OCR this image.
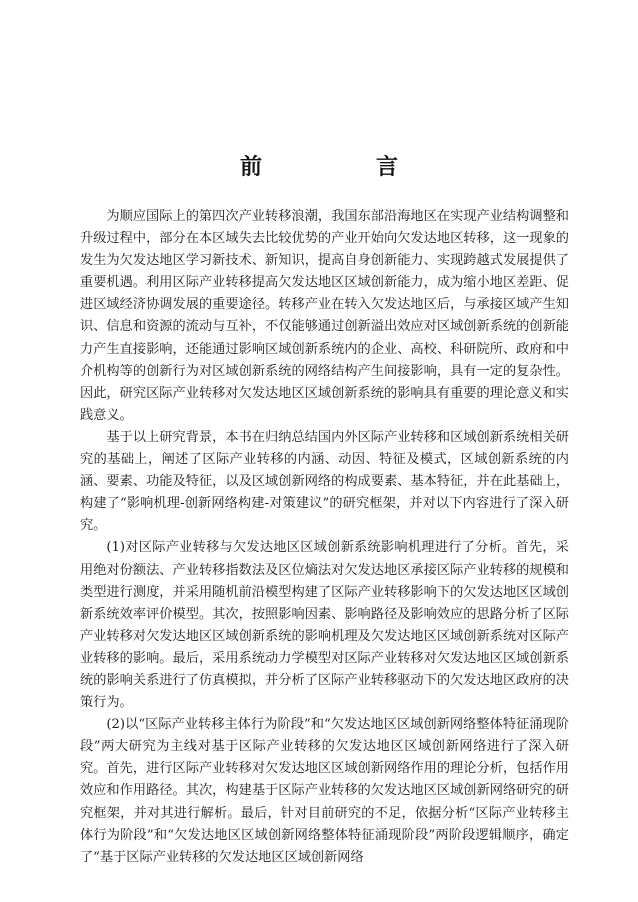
前　言

为顺应国际上的第四次产业转移浪潮，我国东部沿海地区在实现产业结构调整和升级过程中，部分在本区域失去比较优势的产业开始向欠发达地区转移，这一现象的发生为欠发达地区学习新技术、新知识，提高自身创新能力、实现跨越式发展提供了重要机遇。利用区际产业转移提高欠发达地区区域创新能力，成为缩小地区差距、促进区域经济协调发展的重要途径。转移产业在转入欠发达地区后，与承接区域产生知识、信息和资源的流动与互补，不仅能够通过创新溢出效应对区域创新系统的创新能力产生直接影响，还能通过影响区域创新系统内的企业、高校、科研院所、政府和中介机构等的创新行为对区域创新系统的网络结构产生间接影响，具有一定的复杂性。因此，研究区际产业转移对欠发达地区区域创新系统的影响具有重要的理论意义和实践意义。

基于以上研究背景，本书在归纳总结国内外区际产业转移和区域创新系统相关研究的基础上，阐述了区际产业转移的内涵、动因、特征及模式，区域创新系统的内涵、要素、功能及特征，以及区域创新网络的构成要素、基本特征，并在此基础上，构建了“影响机理-创新网络构建-对策建议”的研究框架，并对以下内容进行了深入研究。

(1)对区际产业转移与欠发达地区区域创新系统影响机理进行了分析。首先，采用绝对份额法、产业转移指数法及区位熵法对欠发达地区承接区际产业转移的规模和类型进行测度，并采用随机前沿模型构建了区际产业转移影响下的欠发达地区区域创新系统效率评价模型。其次，按照影响因素、影响路径及影响效应的思路分析了区际产业转移对欠发达地区区域创新系统的影响机理及欠发达地区区域创新系统对区际产业转移的影响。最后，采用系统动力学模型对区际产业转移对欠发达地区区域创新系统的影响关系进行了仿真模拟，并分析了区际产业转移驱动下的欠发达地区政府的决策行为。

(2)以“区际产业转移主体行为阶段”和“欠发达地区区域创新网络整体特征涌现阶段”两大研究为主线对基于区际产业转移的欠发达地区区域创新网络进行了深入研究。首先，进行区际产业转移对欠发达地区区域创新网络作用的理论分析，包括作用效应和作用路径。其次，构建基于区际产业转移的欠发达地区区域创新网络研究的研究框架，并对其进行解析。最后，针对目前研究的不足，依据分析“区际产业转移主体行为阶段”和“欠发达地区区域创新网络整体特征涌现阶段”两阶段逻辑顺序，确定了“基于区际产业转移的欠发达地区区域创新网络
